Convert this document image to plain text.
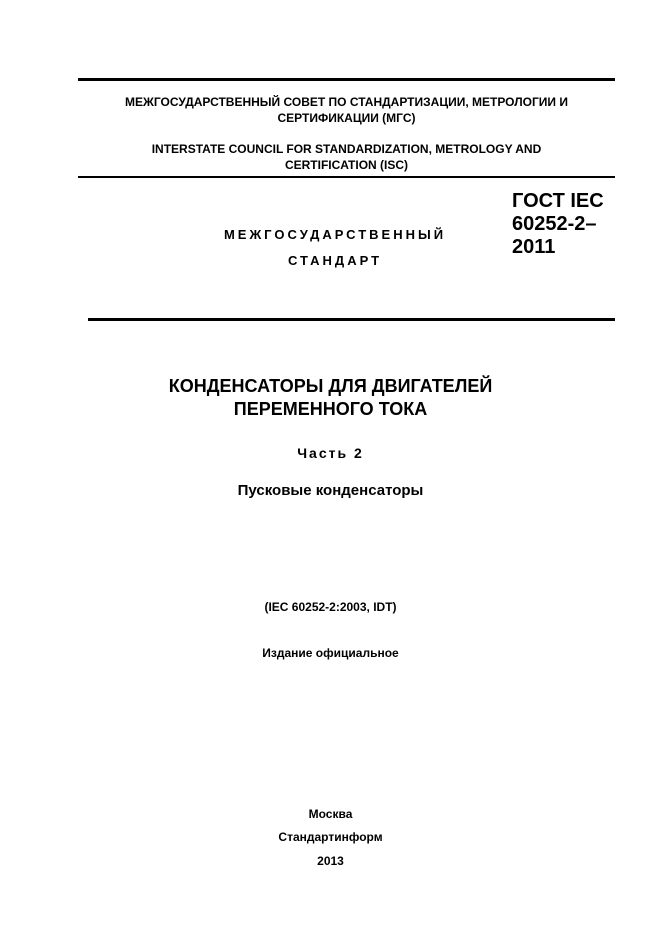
МЕЖГОСУДАРСТВЕННЫЙ СОВЕТ ПО СТАНДАРТИЗАЦИИ, МЕТРОЛОГИИ И
СЕРТИФИКАЦИИ (МГС)
INTERSTATE COUNCIL FOR STANDARDIZATION, METROLOGY AND
CERTIFICATION (ISC)
МЕЖГОСУДАРСТВЕННЫЙ
СТАНДАРТ
ГОСТ IEC
60252-2–
2011
КОНДЕНСАТОРЫ ДЛЯ ДВИГАТЕЛЕЙ
ПЕРЕМЕННОГО ТОКА
Часть 2
Пусковые конденсаторы
(IEC 60252-2:2003, IDT)
Издание официальное
Москва
Стандартинформ
2013
